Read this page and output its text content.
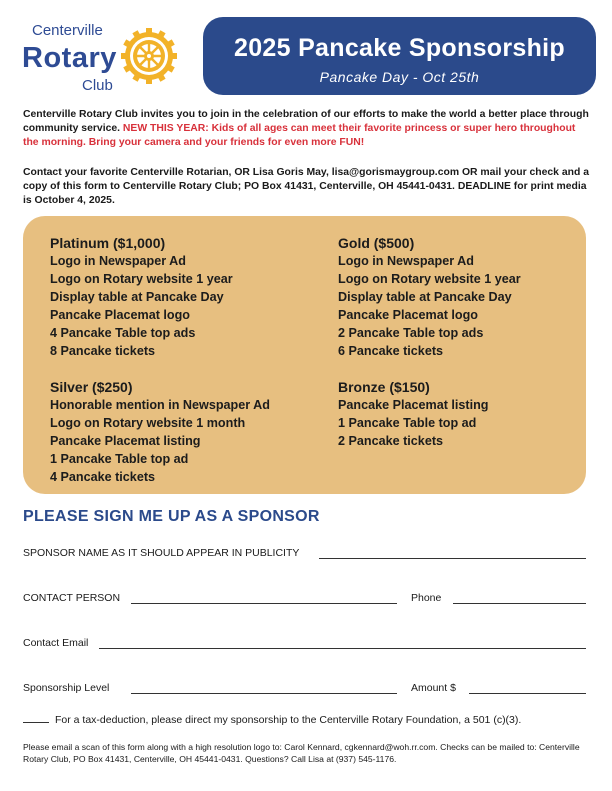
Centerville
Rotary
Club
2025 Pancake Sponsorship
Pancake Day - Oct 25th
Centerville Rotary Club invites you to join in the celebration of our efforts to make the world a better place through community service. NEW THIS YEAR: Kids of all ages can meet their favorite princess or super hero throughout the morning. Bring your camera and your friends for even more FUN!
Contact your favorite Centerville Rotarian, OR Lisa Goris May, lisa@gorismaygroup.com OR mail your check and a copy of this form to Centerville Rotary Club; PO Box 41431, Centerville, OH 45441-0431. DEADLINE for print media is October 4, 2025.
Platinum ($1,000)
Logo in Newspaper Ad
Logo on Rotary website 1 year
Display table at Pancake Day
Pancake Placemat logo
4 Pancake Table top ads
8 Pancake tickets
Gold ($500)
Logo in Newspaper Ad
Logo on Rotary website 1 year
Display table at Pancake Day
Pancake Placemat logo
2 Pancake Table top ads
6 Pancake tickets
Silver ($250)
Honorable mention in Newspaper Ad
Logo on Rotary website 1 month
Pancake Placemat listing
1 Pancake Table top ad
4 Pancake tickets
Bronze ($150)
Pancake Placemat listing
1 Pancake Table top ad
2 Pancake tickets
PLEASE SIGN ME UP AS A SPONSOR
SPONSOR NAME AS IT SHOULD APPEAR IN PUBLICITY
CONTACT PERSON	Phone
Contact Email
Sponsorship Level	Amount $
For a tax-deduction, please direct my sponsorship to the Centerville Rotary Foundation, a 501 (c)(3).
Please email a scan of this form along with a high resolution logo to: Carol Kennard, cgkennard@woh.rr.com. Checks can be mailed to: Centerville Rotary Club, PO Box 41431, Centerville, OH 45441-0431. Questions? Call Lisa at (937) 545-1176.
